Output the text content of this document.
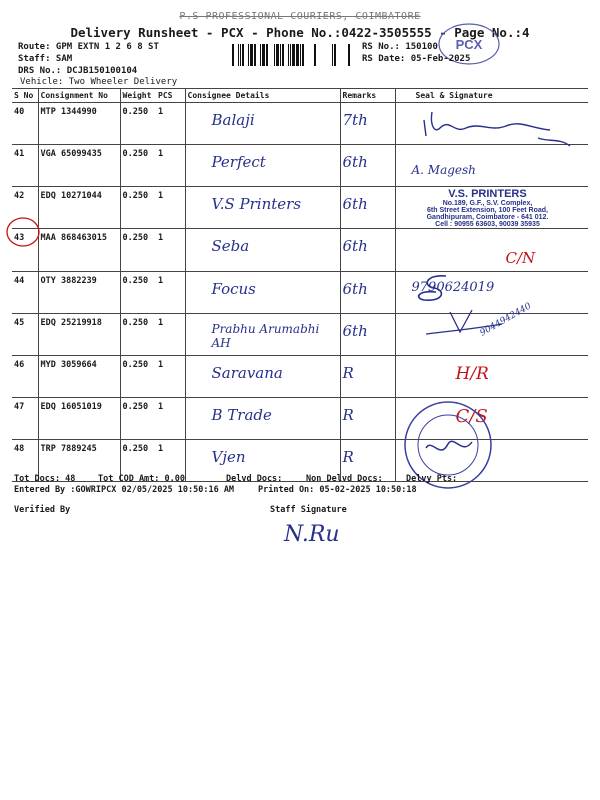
P.S PROFESSIONAL COURIERS, COIMBATORE
Delivery Runsheet - PCX - Phone No.:0422-3505555 - Page No.:4
PCX
Route: GPM EXTN 1 2 6 8 ST
Staff: SAM
DRS No.: DCJB150100104
Vehicle: Two Wheeler Delivery
RS No.: 150100
RS Date: 05-Feb-2025
S No	Consignment No	Weight	PCS	Consignee Details	Remarks	Seal & Signature
40	MTP 1344990	0.250	1	Balaji	7th	

41	VGA 65099435	0.250	1	Perfect	6th	A. Magesh

42	EDQ 10271044	0.250	1	V.S Printers	6th	

43	MAA 868463015	0.250	1	Seba	6th	C/N

44	OTY 3882239	0.250	1	Focus	6th	9790624019

45	EDQ 25219918	0.250	1	Prabhu Arumabhi AH	6th	

46	MYD 3059664	0.250	1	Saravana	R	H/R

47	EDQ 16051019	0.250	1	B Trade	R	C/S

48	TRP 7889245	0.250	1	Vjen	R	

V.S. PRINTERS
No.189, G.F., S.V. Complex,
6th Street Extension, 100 Feet Road,
Gandhipuram, Coimbatore - 641 012.
Cell : 90955 63603, 90039 35935
9044942440
Tot Docs: 48	Tot COD Amt: 0.00	Delvd Docs:	Non Delvd Docs:	Delvy Pts:
Entered By :GOWRIPCX 02/05/2025 10:50:16 AM	Printed On: 05-02-2025 10:50:18
Verified By	Staff Signature
N.Ru
